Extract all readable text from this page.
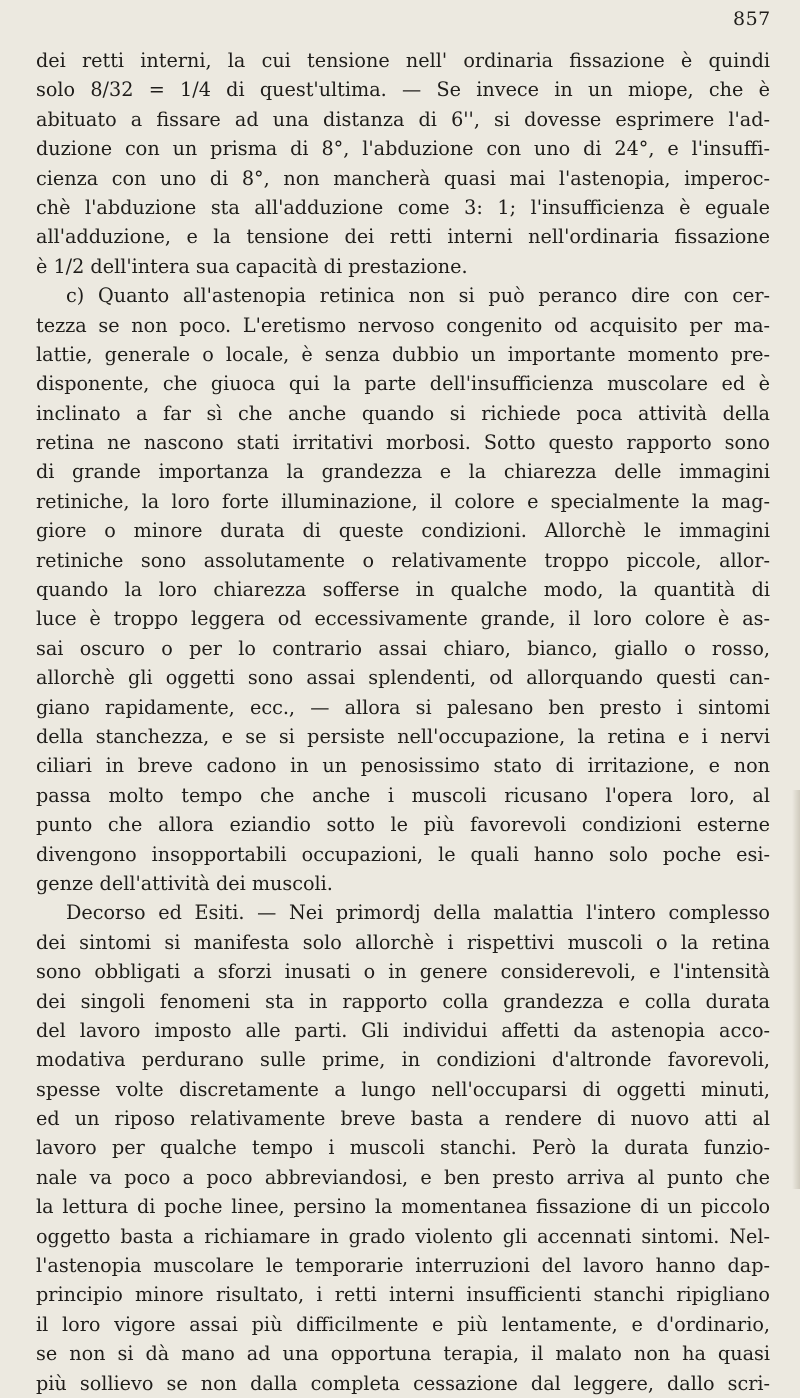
857
dei retti interni, la cui tensione nell' ordinaria fissazione è quindi
solo 8/32 = 1/4 di quest'ultima. — Se invece in un miope, che è
abituato a fissare ad una distanza di 6'', si dovesse esprimere l'ad-
duzione con un prisma di 8°, l'abduzione con uno di 24°, e l'insuffi-
cienza con uno di 8°, non mancherà quasi mai l'astenopia, imperoc-
chè l'abduzione sta all'adduzione come 3: 1; l'insufficienza è eguale
all'adduzione, e la tensione dei retti interni nell'ordinaria fissazione
è 1/2 dell'intera sua capacità di prestazione.
c) Quanto all'astenopia retinica non si può peranco dire con cer-
tezza se non poco. L'eretismo nervoso congenito od acquisito per ma-
lattie, generale o locale, è senza dubbio un importante momento pre-
disponente, che giuoca qui la parte dell'insufficienza muscolare ed è
inclinato a far sì che anche quando si richiede poca attività della
retina ne nascono stati irritativi morbosi. Sotto questo rapporto sono
di grande importanza la grandezza e la chiarezza delle immagini
retiniche, la loro forte illuminazione, il colore e specialmente la mag-
giore o minore durata di queste condizioni. Allorchè le immagini
retiniche sono assolutamente o relativamente troppo piccole, allor-
quando la loro chiarezza sofferse in qualche modo, la quantità di
luce è troppo leggera od eccessivamente grande, il loro colore è as-
sai oscuro o per lo contrario assai chiaro, bianco, giallo o rosso,
allorchè gli oggetti sono assai splendenti, od allorquando questi can-
giano rapidamente, ecc., — allora si palesano ben presto i sintomi
della stanchezza, e se si persiste nell'occupazione, la retina e i nervi
ciliari in breve cadono in un penosissimo stato di irritazione, e non
passa molto tempo che anche i muscoli ricusano l'opera loro, al
punto che allora eziandio sotto le più favorevoli condizioni esterne
divengono insopportabili occupazioni, le quali hanno solo poche esi-
genze dell'attività dei muscoli.
Decorso ed Esiti. — Nei primordj della malattia l'intero complesso
dei sintomi si manifesta solo allorchè i rispettivi muscoli o la retina
sono obbligati a sforzi inusati o in genere considerevoli, e l'intensità
dei singoli fenomeni sta in rapporto colla grandezza e colla durata
del lavoro imposto alle parti. Gli individui affetti da astenopia acco-
modativa perdurano sulle prime, in condizioni d'altronde favorevoli,
spesse volte discretamente a lungo nell'occuparsi di oggetti minuti,
ed un riposo relativamente breve basta a rendere di nuovo atti al
lavoro per qualche tempo i muscoli stanchi. Però la durata funzio-
nale va poco a poco abbreviandosi, e ben presto arriva al punto che
la lettura di poche linee, persino la momentanea fissazione di un piccolo
oggetto basta a richiamare in grado violento gli accennati sintomi. Nel-
l'astenopia muscolare le temporarie interruzioni del lavoro hanno dap-
principio minore risultato, i retti interni insufficienti stanchi ripigliano
il loro vigore assai più difficilmente e più lentamente, e d'ordinario,
se non si dà mano ad una opportuna terapia, il malato non ha quasi
più sollievo se non dalla completa cessazione dal leggere, dallo scri-
